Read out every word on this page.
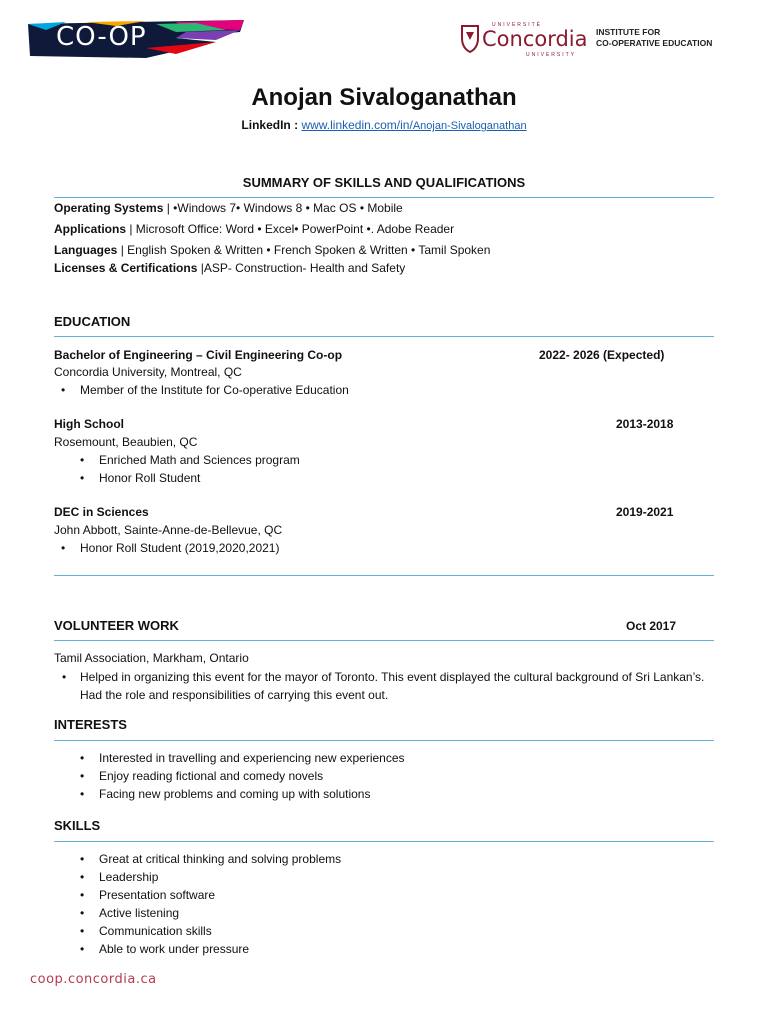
CO-OP	UNIVERSITÉ
Concordia
UNIVERSITY
INSTITUTE FOR
CO-OPERATIVE EDUCATION
Anojan Sivaloganathan
LinkedIn : www.linkedin.com/in/Anojan-Sivaloganathan
SUMMARY OF SKILLS AND QUALIFICATIONS
Operating Systems | •Windows 7• Windows 8 • Mac OS • Mobile
Applications | Microsoft Office: Word • Excel• PowerPoint •. Adobe Reader
Languages | English Spoken & Written • French Spoken & Written • Tamil Spoken
Licenses & Certifications |ASP- Construction- Health and Safety
EDUCATION
Bachelor of Engineering – Civil Engineering Co-op	2022- 2026 (Expected)
Concordia University, Montreal, QC
• Member of the Institute for Co-operative Education
High School	2013-2018
Rosemount, Beaubien, QC
• Enriched Math and Sciences program
• Honor Roll Student
DEC in Sciences	2019-2021
John Abbott, Sainte-Anne-de-Bellevue, QC
• Honor Roll Student (2019,2020,2021)
VOLUNTEER WORK	Oct 2017
Tamil Association, Markham, Ontario
• Helped in organizing this event for the mayor of Toronto. This event displayed the cultural background of Sri Lankan’s. Had the role and responsibilities of carrying this event out.
INTERESTS
• Interested in travelling and experiencing new experiences
• Enjoy reading fictional and comedy novels
• Facing new problems and coming up with solutions
SKILLS
• Great at critical thinking and solving problems
• Leadership
• Presentation software
• Active listening
• Communication skills
• Able to work under pressure
coop.concordia.ca
